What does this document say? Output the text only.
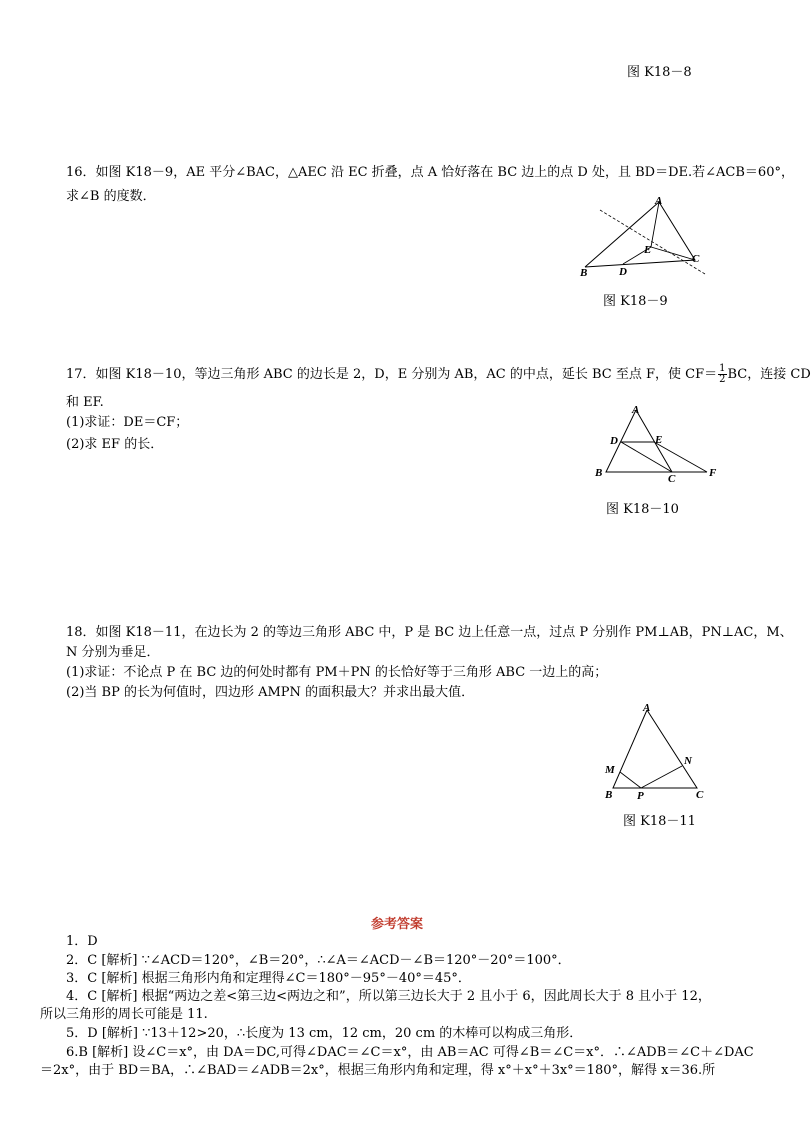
图 K18－8
16．如图 K18－9，AE 平分∠BAC，△AEC 沿 EC 折叠，点 A 恰好落在 BC 边上的点 D 处，且 BD＝DE.若∠ACB＝60°，
求∠B 的度数．	A
E
B	D
C
图 K18－9
17．如图 K18－10，等边三角形 ABC 的边长是 2，D，E 分别为 AB，AC 的中点，延长 BC 至点 F，使 $CF= \frac{1}{2}$ BC，连接 CD
和 EF.
(1)求证：DE＝CF；
(2)求 EF 的长．
A
D	E
B	C	F
图 K18－10
18．如图 K18－11，在边长为 2 的等边三角形 ABC 中，P 是 BC 边上任意一点，过点 P 分别作 PM⊥AB，PN⊥AC，M、
N 分别为垂足．
(1)求证：不论点 P 在 BC 边的何处时都有 PM＋PN 的长恰好等于三角形 ABC 一边上的高；
(2)当 BP 的长为何值时，四边形 AMPN 的面积最大？并求出最大值．
A
M
N
B P	C
图 K18－11
参考答案
1．D
2．C [解析] ∵∠ACD＝120°，∠B＝20°，∴∠A＝∠ACD－∠B＝120°－20°＝100°．
3．C [解析] 根据三角形内角和定理得∠C＝180°－95°－40°＝45°．
4．C [解析] 根据“两边之差<第三边<两边之和”，所以第三边长大于 2 且小于 6，因此周长大于 8 且小于 12，
所以三角形的周长可能是 11.
5．D [解析] ∵13＋12>20，∴长度为 13 cm，12 cm，20 cm 的木棒可以构成三角形．
6.B [解析] 设∠C＝x°，由 DA＝DC,可得∠DAC＝∠C＝x°，由 AB＝AC 可得∠B＝∠C＝x°．∴∠ADB＝∠C＋∠DAC
＝2x°，由于 BD＝BA，∴∠BAD＝∠ADB＝2x°，根据三角形内角和定理，得 x°＋x°＋3x°＝180°，解得 x＝36.所
